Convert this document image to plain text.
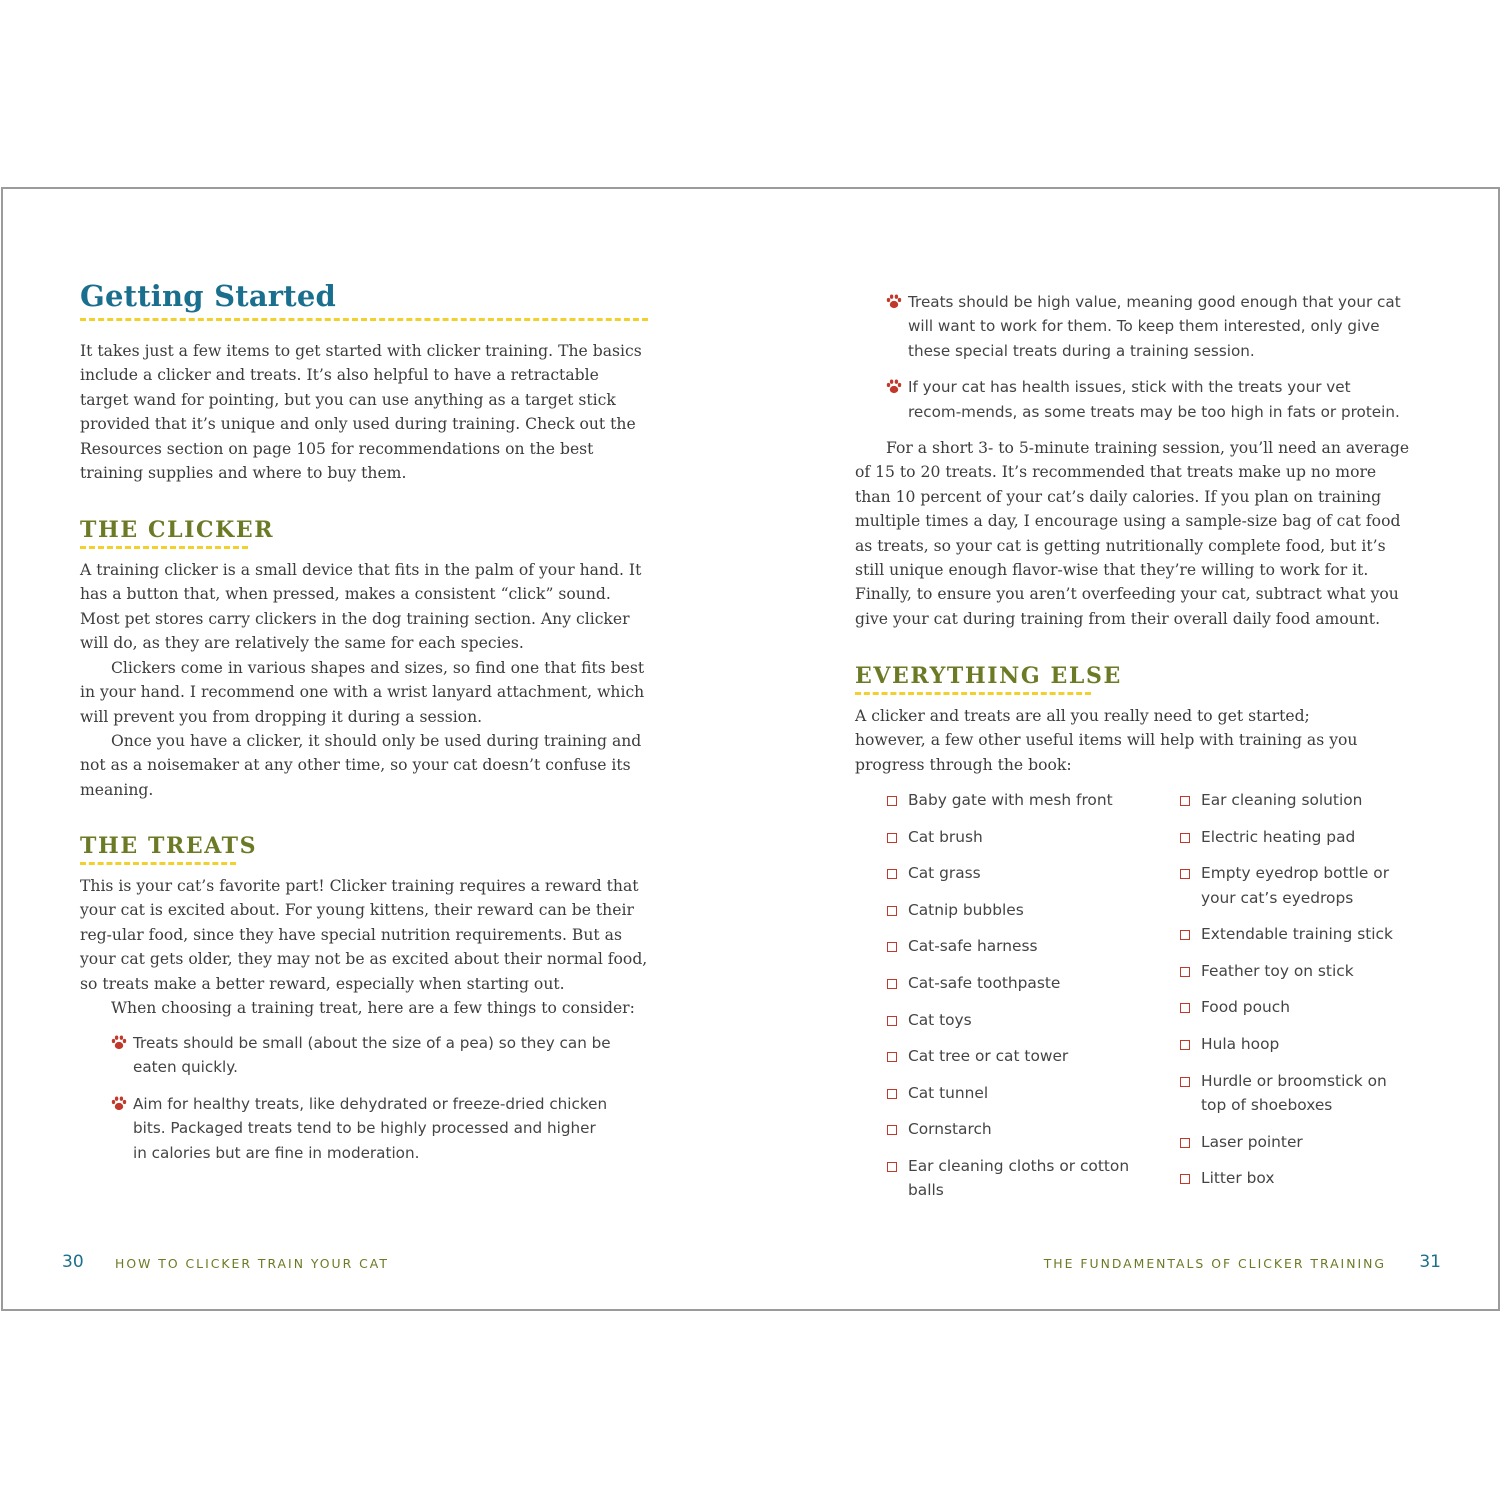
Getting Started

It takes just a few items to get started with clicker training. The basics include a clicker and treats. It’s also helpful to have a retractable target wand for pointing, but you can use anything as a target stick provided that it’s unique and only used during training. Check out the Resources section on page 105 for recommendations on the best training supplies and where to buy them.

THE CLICKER

A training clicker is a small device that fits in the palm of your hand. It has a button that, when pressed, makes a consistent “click” sound. Most pet stores carry clickers in the dog training section. Any clicker will do, as they are relatively the same for each species.

Clickers come in various shapes and sizes, so find one that fits best in your hand. I recommend one with a wrist lanyard attachment, which will prevent you from dropping it during a session.

Once you have a clicker, it should only be used during training and not as a noisemaker at any other time, so your cat doesn’t confuse its meaning.

THE TREATS

This is your cat’s favorite part! Clicker training requires a reward that your cat is excited about. For young kittens, their reward can be their reg-ular food, since they have special nutrition requirements. But as your cat gets older, they may not be as excited about their normal food, so treats make a better reward, especially when starting out.

When choosing a training treat, here are a few things to consider:

Treats should be small (about the size of a pea) so they can be eaten quickly.
Aim for healthy treats, like dehydrated or freeze-dried chicken bits. Packaged treats tend to be highly processed and higher in calories but are fine in moderation.
Treats should be high value, meaning good enough that your cat will want to work for them. To keep them interested, only give these special treats during a training session.
If your cat has health issues, stick with the treats your vet recom-mends, as some treats may be too high in fats or protein.

For a short 3- to 5-minute training session, you’ll need an average of 15 to 20 treats. It’s recommended that treats make up no more than 10 percent of your cat’s daily calories. If you plan on training multiple times a day, I encourage using a sample-size bag of cat food as treats, so your cat is getting nutritionally complete food, but it’s still unique enough flavor-wise that they’re willing to work for it. Finally, to ensure you aren’t overfeeding your cat, subtract what you give your cat during training from their overall daily food amount.

EVERYTHING ELSE

A clicker and treats are all you really need to get started; however, a few other useful items will help with training as you progress through the book:

Baby gate with mesh front
Cat brush
Cat grass
Catnip bubbles
Cat-safe harness
Cat-safe toothpaste
Cat toys
Cat tree or cat tower
Cat tunnel
Cornstarch
Ear cleaning cloths or cotton balls
Ear cleaning solution
Electric heating pad
Empty eyedrop bottle or your cat’s eyedrops
Extendable training stick
Feather toy on stick
Food pouch
Hula hoop
Hurdle or broomstick on top of shoeboxes
Laser pointer
Litter box
30	HOW TO CLICKER TRAIN YOUR CAT	THE FUNDAMENTALS OF CLICKER TRAINING 31
